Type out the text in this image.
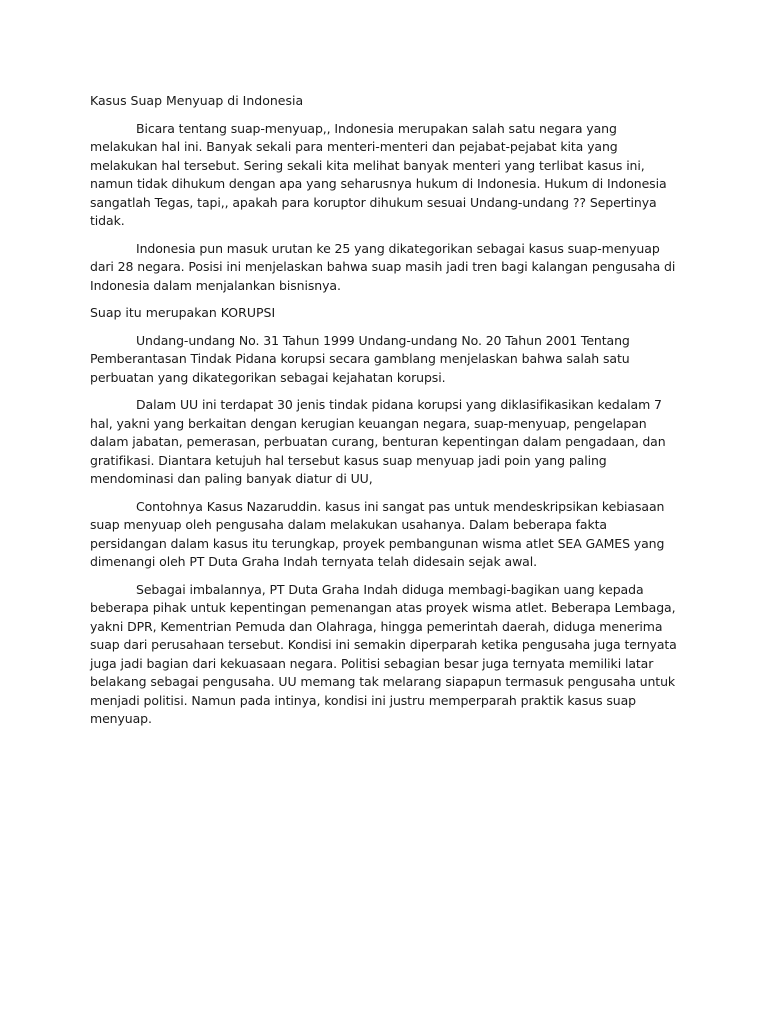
Kasus Suap Menyuap di Indonesia

Bicara tentang suap-menyuap,, Indonesia merupakan salah satu negara yang melakukan hal ini. Banyak sekali para menteri-menteri dan pejabat-pejabat kita yang melakukan hal tersebut. Sering sekali kita melihat banyak menteri yang terlibat kasus ini, namun tidak dihukum dengan apa yang seharusnya hukum di Indonesia. Hukum di Indonesia sangatlah Tegas, tapi,, apakah para koruptor dihukum sesuai Undang-undang ?? Sepertinya tidak.

Indonesia pun masuk urutan ke 25 yang dikategorikan sebagai kasus suap-menyuap dari 28 negara. Posisi ini menjelaskan bahwa suap masih jadi tren bagi kalangan pengusaha di Indonesia dalam menjalankan bisnisnya.

Suap itu merupakan KORUPSI

Undang-undang No. 31 Tahun 1999 Undang-undang No. 20 Tahun 2001 Tentang Pemberantasan Tindak Pidana korupsi secara gamblang menjelaskan bahwa salah satu perbuatan yang dikategorikan sebagai kejahatan korupsi.

Dalam UU ini terdapat 30 jenis tindak pidana korupsi yang diklasifikasikan kedalam 7 hal, yakni yang berkaitan dengan kerugian keuangan negara, suap-menyuap, pengelapan dalam jabatan, pemerasan, perbuatan curang, benturan kepentingan dalam pengadaan, dan gratifikasi. Diantara ketujuh hal tersebut kasus suap menyuap jadi poin yang paling mendominasi dan paling banyak diatur di UU,

Contohnya Kasus Nazaruddin. kasus ini sangat pas untuk mendeskripsikan kebiasaan suap menyuap oleh pengusaha dalam melakukan usahanya. Dalam beberapa fakta persidangan dalam kasus itu terungkap, proyek pembangunan wisma atlet SEA GAMES yang dimenangi oleh PT Duta Graha Indah ternyata telah didesain sejak awal.

Sebagai imbalannya, PT Duta Graha Indah diduga membagi-bagikan uang kepada beberapa pihak untuk kepentingan pemenangan atas proyek wisma atlet. Beberapa Lembaga, yakni DPR, Kementrian Pemuda dan Olahraga, hingga pemerintah daerah, diduga menerima suap dari perusahaan tersebut. Kondisi ini semakin diperparah ketika pengusaha juga ternyata juga jadi bagian dari kekuasaan negara. Politisi sebagian besar juga ternyata memiliki latar belakang sebagai pengusaha. UU memang tak melarang siapapun termasuk pengusaha untuk menjadi politisi. Namun pada intinya, kondisi ini justru memperparah praktik kasus suap menyuap.
